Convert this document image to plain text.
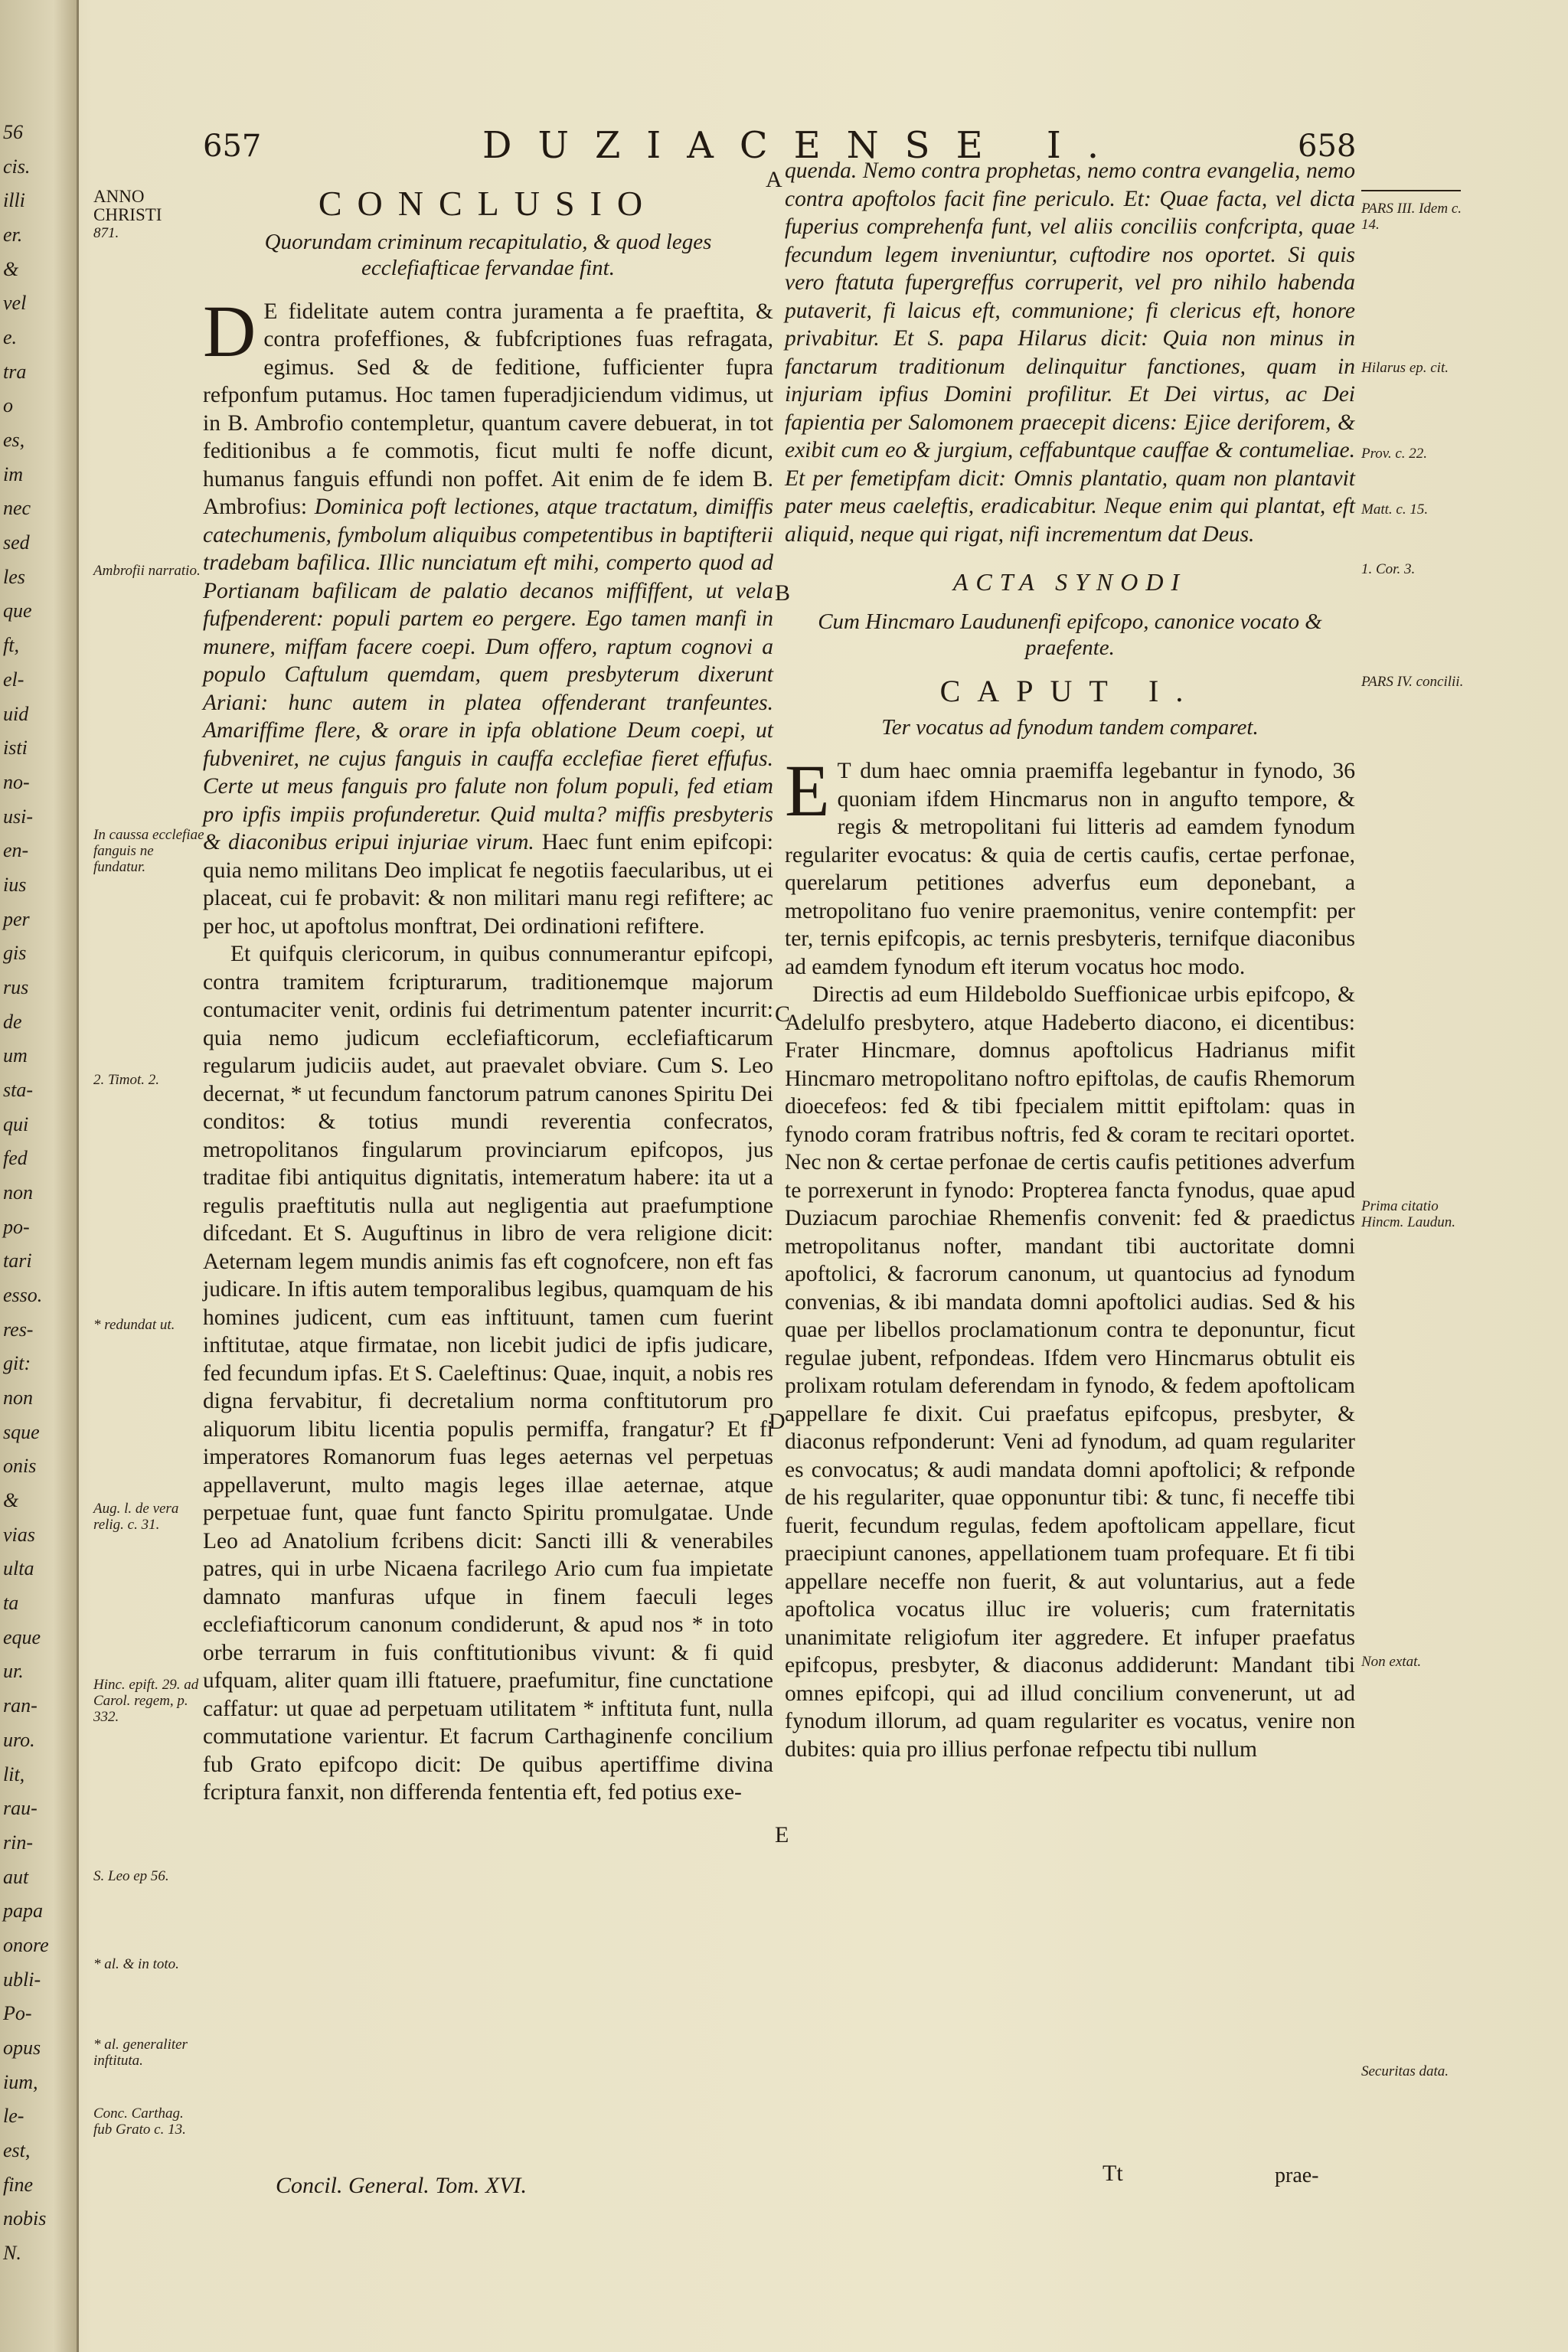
56
cis.
illi
er.
&
vel
e.
tra
o
es,
im
nec
sed
les
que
ft,
el-
uid
isti
no-
usi-
en-
ius
per
gis
rus
de
um
sta-
qui
fed
non
po-
tari
esso.
res-
git:
non
sque
onis
&
vias
ulta
ta
eque
ur.
ran-
uro.
lit,
rau-
rin-
aut
papa
onore
ubli-
Po-
opus
ium,
le-
est,
fine
nobis
N.
657	DUZIACENSE I.	658
ANNO
CHRISTI
871.
Ambrofii narratio.
In caussa ecclefiae fanguis ne fundatur.
2. Timot. 2.
* redundat ut.
Aug. l. de vera relig. c. 31.
Hinc. epift. 29. ad Carol. regem, p. 332.
S. Leo ep 56.
* al. & in toto.
* al. generaliter inftituta.
Conc. Carthag. fub Grato c. 13.
PARS III. Idem c. 14.
Hilarus ep. cit.
Prov. c. 22.
Matt. c. 15.
1. Cor. 3.
PARS IV. concilii.
Prima citatio Hincm. Laudun.
Non extat.
Securitas data.
A
B
C
D
E
CONCLUSIO
Quorundam criminum recapitulatio, & quod leges ecclefiafticae fervandae fint.

D E fidelitate autem contra juramenta a fe praeftita, & contra profeffiones, & fubfcriptiones fuas refragata, egimus. Sed & de feditione, fufficienter fupra refponfum putamus. Hoc tamen fuperadjiciendum vidimus, ut in B. Ambrofio contempletur, quantum cavere debuerat, in tot feditionibus a fe commotis, ficut multi fe noffe dicunt, humanus fanguis effundi non poffet. Ait enim de fe idem B. Ambrofius: Dominica poft lectiones, atque tractatum, dimiffis catechumenis, fymbolum aliquibus competentibus in baptifterii tradebam bafilica. Illic nunciatum eft mihi, comperto quod ad Portianam bafilicam de palatio decanos miffiffent, ut vela fufpenderent: populi partem eo pergere. Ego tamen manfi in munere, miffam facere coepi. Dum offero, raptum cognovi a populo Caftulum quemdam, quem presbyterum dixerunt Ariani: hunc autem in platea offenderant tranfeuntes. Amariffime flere, & orare in ipfa oblatione Deum coepi, ut fubveniret, ne cujus fanguis in cauffa ecclefiae fieret effufus. Certe ut meus fanguis pro falute non folum populi, fed etiam pro ipfis impiis profunderetur. Quid multa? miffis presbyteris & diaconibus eripui injuriae virum. Haec funt enim epifcopi: quia nemo militans Deo implicat fe negotiis faecularibus, ut ei placeat, cui fe probavit: & non militari manu regi refiftere; ac per hoc, ut apoftolus monftrat, Dei ordinationi refiftere.

Et quifquis clericorum, in quibus connumerantur epifcopi, contra tramitem fcripturarum, traditionemque majorum contumaciter venit, ordinis fui detrimentum patenter incurrit: quia nemo judicum ecclefiafticorum, ecclefiafticarum regularum judiciis audet, aut praevalet obviare. Cum S. Leo decernat, * ut fecundum fanctorum patrum canones Spiritu Dei conditos: & totius mundi reverentia confecratos, metropolitanos fingularum provinciarum epifcopos, jus traditae fibi antiquitus dignitatis, intemeratum habere: ita ut a regulis praeftitutis nulla aut negligentia aut praefumptione difcedant. Et S. Auguftinus in libro de vera religione dicit: Aeternam legem mundis animis fas eft cognofcere, non eft fas judicare. In iftis autem temporalibus legibus, quamquam de his homines judicent, cum eas inftituunt, tamen cum fuerint inftitutae, atque firmatae, non licebit judici de ipfis judicare, fed fecundum ipfas. Et S. Caeleftinus: Quae, inquit, a nobis res digna fervabitur, fi decretalium norma conftitutorum pro aliquorum libitu licentia populis permiffa, frangatur? Et fi imperatores Romanorum fuas leges aeternas vel perpetuas appellaverunt, multo magis leges illae aeternae, atque perpetuae funt, quae funt fancto Spiritu promulgatae. Unde Leo ad Anatolium fcribens dicit: Sancti illi & venerabiles patres, qui in urbe Nicaena facrilego Ario cum fua impietate damnato manfuras ufque in finem faeculi leges ecclefiafticorum canonum condiderunt, & apud nos * in toto orbe terrarum in fuis conftitutionibus vivunt: & fi quid ufquam, aliter quam illi ftatuere, praefumitur, fine cunctatione caffatur: ut quae ad perpetuam utilitatem * inftituta funt, nulla commutatione varientur. Et facrum Carthaginenfe concilium fub Grato epifcopo dicit: De quibus apertiffime divina fcriptura fanxit, non differenda fententia eft, fed potius exe-

quenda. Nemo contra prophetas, nemo contra evangelia, nemo contra apoftolos facit fine periculo. Et: Quae facta, vel dicta fuperius comprehenfa funt, vel aliis conciliis confcripta, quae fecundum legem inveniuntur, cuftodire nos oportet. Si quis vero ftatuta fupergreffus corruperit, vel pro nihilo habenda putaverit, fi laicus eft, communione; fi clericus eft, honore privabitur. Et S. papa Hilarus dicit: Quia non minus in fanctarum traditionum delinquitur fanctiones, quam in injuriam ipfius Domini profilitur. Et Dei virtus, ac Dei fapientia per Salomonem praecepit dicens: Ejice deriforem, & exibit cum eo & jurgium, ceffabuntque cauffae & contumeliae. Et per femetipfam dicit: Omnis plantatio, quam non plantavit pater meus caeleftis, eradicabitur. Neque enim qui plantat, eft aliquid, neque qui rigat, nifi incrementum dat Deus.

ACTA SYNODI
Cum Hincmaro Laudunenfi epifcopo, canonice vocato & praefente.
CAPUT I.
Ter vocatus ad fynodum tandem comparet.

E T dum haec omnia praemiffa legebantur in fynodo, 36 quoniam ifdem Hincmarus non in angufto tempore, & regis & metropolitani fui litteris ad eamdem fynodum regulariter evocatus: & quia de certis caufis, certae perfonae, querelarum petitiones adverfus eum deponebant, a metropolitano fuo venire praemonitus, venire contempfit: per ter, ternis epifcopis, ac ternis presbyteris, ternifque diaconibus ad eamdem fynodum eft iterum vocatus hoc modo.

Directis ad eum Hildeboldo Sueffionicae urbis epifcopo, & Adelulfo presbytero, atque Hadeberto diacono, ei dicentibus: Frater Hincmare, domnus apoftolicus Hadrianus mifit Hincmaro metropolitano noftro epiftolas, de caufis Rhemorum dioecefeos: fed & tibi fpecialem mittit epiftolam: quas in fynodo coram fratribus noftris, fed & coram te recitari oportet. Nec non & certae perfonae de certis caufis petitiones adverfum te porrexerunt in fynodo: Propterea fancta fynodus, quae apud Duziacum parochiae Rhemenfis convenit: fed & praedictus metropolitanus nofter, mandant tibi auctoritate domni apoftolici, & facrorum canonum, ut quantocius ad fynodum convenias, & ibi mandata domni apoftolici audias. Sed & his quae per libellos proclamationum contra te deponuntur, ficut regulae jubent, refpondeas. Ifdem vero Hincmarus obtulit eis prolixam rotulam deferendam in fynodo, & fedem apoftolicam appellare fe dixit. Cui praefatus epifcopus, presbyter, & diaconus refponderunt: Veni ad fynodum, ad quam regulariter es convocatus; & audi mandata domni apoftolici; & refponde de his regulariter, quae opponuntur tibi: & tunc, fi neceffe tibi fuerit, fecundum regulas, fedem apoftolicam appellare, ficut praecipiunt canones, appellationem tuam profequare. Et fi tibi appellare neceffe non fuerit, & aut voluntarius, aut a fede apoftolica vocatus illuc ire volueris; cum fraternitatis unanimitate religiofum iter aggredere. Et infuper praefatus epifcopus, presbyter, & diaconus addiderunt: Mandant tibi omnes epifcopi, qui ad illud concilium convenerunt, ut ad fynodum illorum, ad quam regulariter es vocatus, venire non dubites: quia pro illius perfonae refpectu tibi nullum

Concil. General. Tom. XVI.	Tt	prae-
